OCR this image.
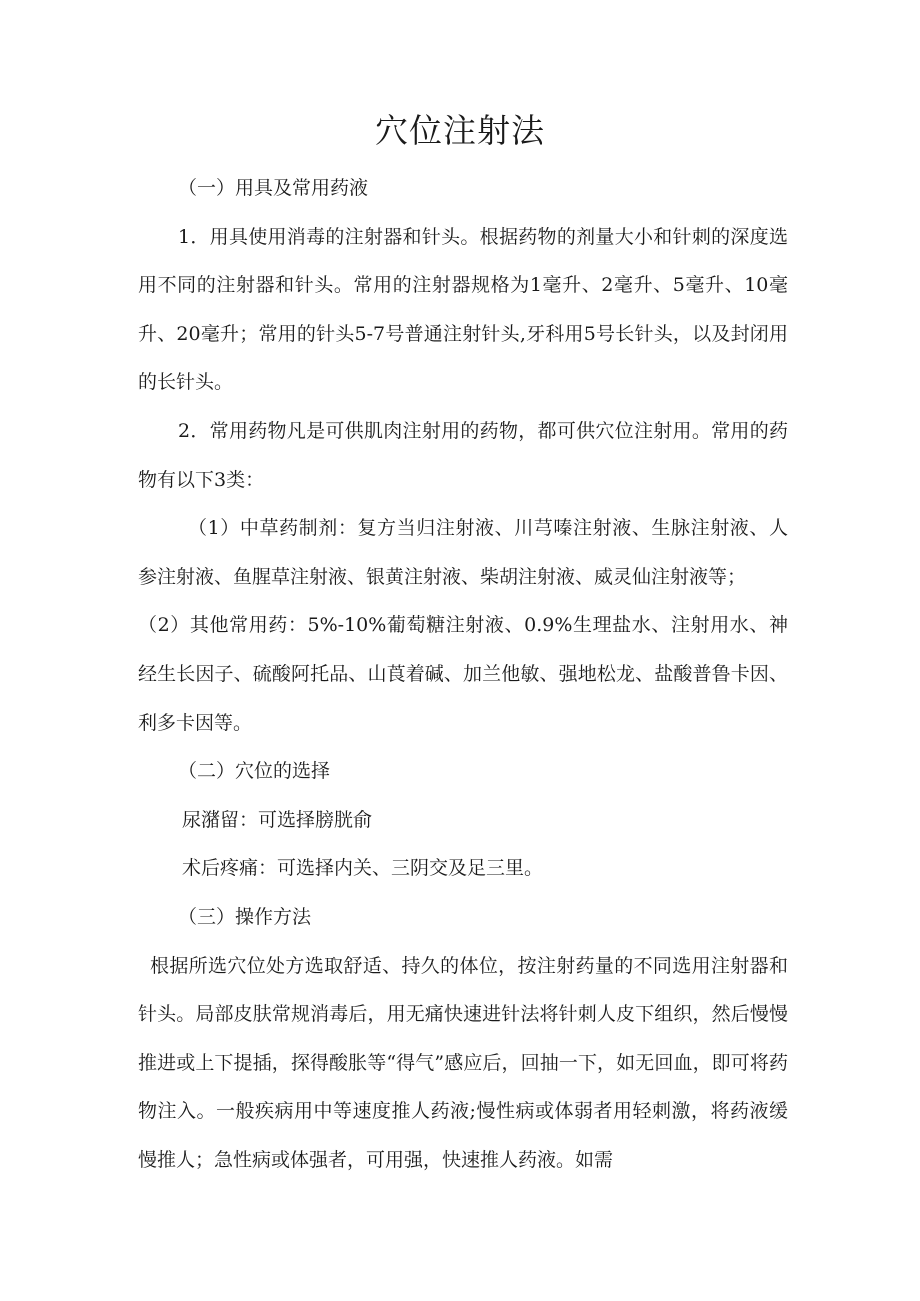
穴位注射法

（一）用具及常用药液

1．用具使用消毒的注射器和针头。根据药物的剂量大小和针刺的深度选用不同的注射器和针头。常用的注射器规格为1毫升、2毫升、5毫升、10毫升、20毫升；常用的针头5-7号普通注射针头,牙科用5号长针头，以及封闭用的长针头。

2．常用药物凡是可供肌肉注射用的药物，都可供穴位注射用。常用的药物有以下3类：

（1）中草药制剂：复方当归注射液、川芎嗪注射液、生脉注射液、人参注射液、鱼腥草注射液、银黄注射液、柴胡注射液、威灵仙注射液等；

（2）其他常用药：5%-10%葡萄糖注射液、0.9%生理盐水、注射用水、神经生长因子、硫酸阿托品、山莨着碱、加兰他敏、强地松龙、盐酸普鲁卡因、利多卡因等。

（二）穴位的选择

尿潴留：可选择膀胱俞

术后疼痛：可选择内关、三阴交及足三里。

（三）操作方法

根据所选穴位处方选取舒适、持久的体位，按注射药量的不同选用注射器和针头。局部皮肤常规消毒后，用无痛快速进针法将针刺人皮下组织，然后慢慢推进或上下提插，探得酸胀等“得气”感应后，回抽一下，如无回血，即可将药物注入。一般疾病用中等速度推人药液;慢性病或体弱者用轻刺激，将药液缓慢推人；急性病或体强者，可用强，快速推人药液。如需
